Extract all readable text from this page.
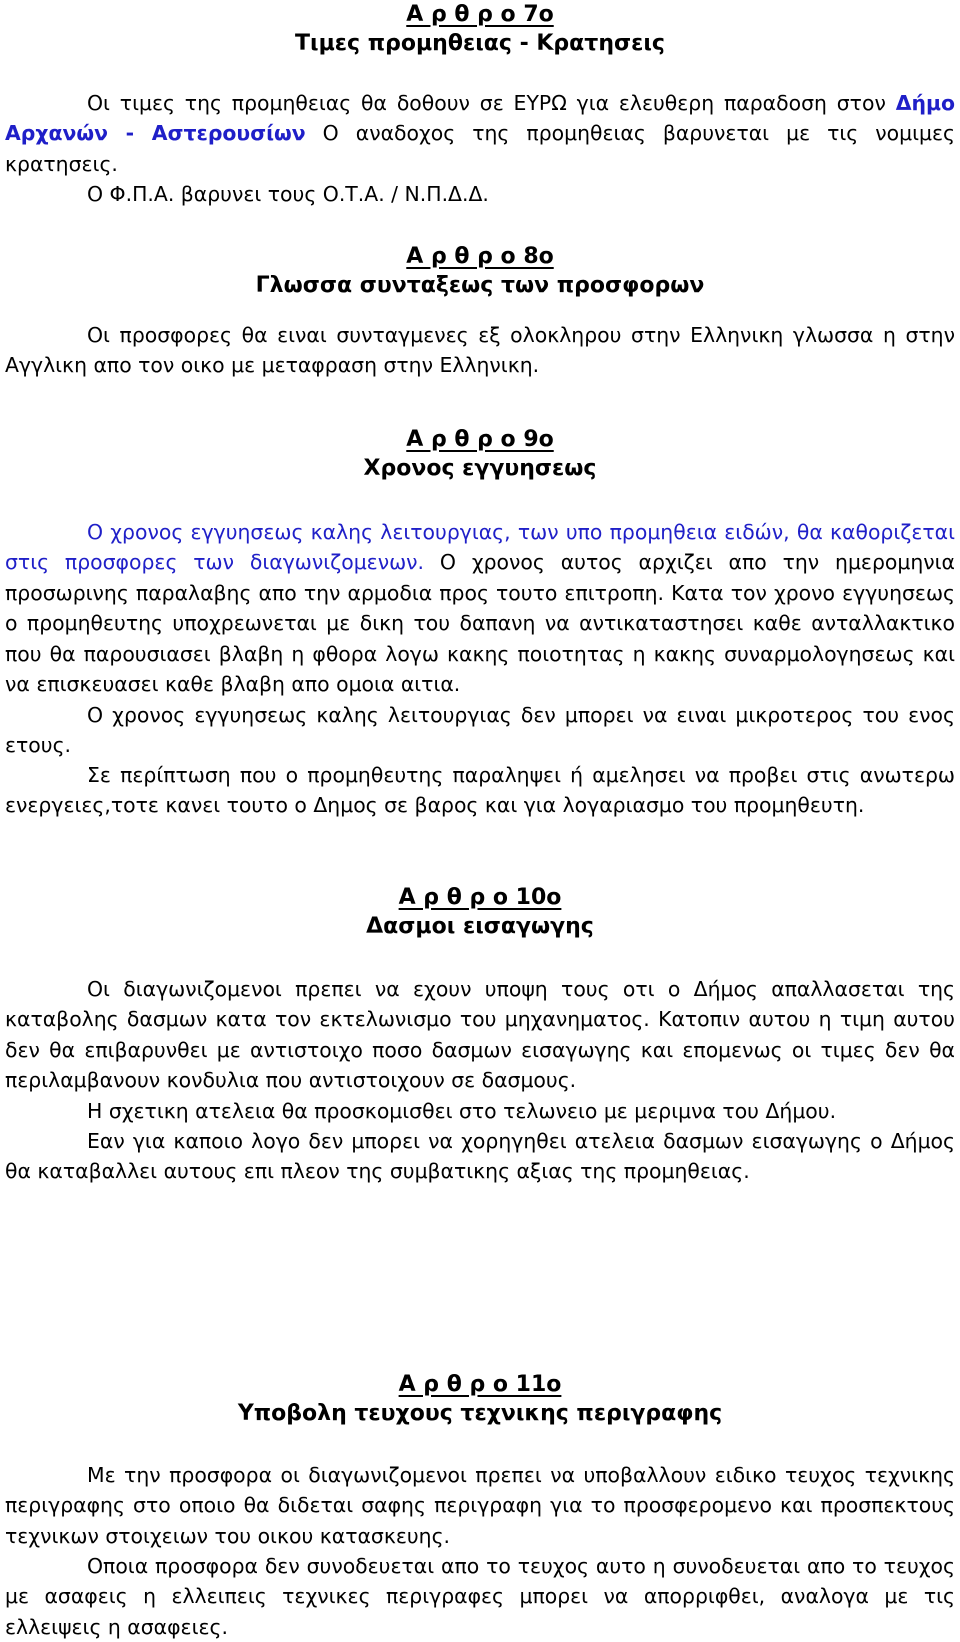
Α ρ θ ρ ο 7ο
Τιμες προμηθειας - Κρατησεις

Οι τιμες της προμηθειας θα δοθουν σε ΕΥΡΩ για ελευθερη παραδοση στον Δήμο Αρχανών - Αστερουσίων Ο αναδοχος της προμηθειας βαρυνεται με τις νομιμες κρατησεις.

Ο Φ.Π.Α. βαρυνει τους Ο.Τ.Α. / Ν.Π.Δ.Δ.

Α ρ θ ρ ο 8ο
Γλωσσα συνταξεως των προσφορων

Οι προσφορες θα ειναι συνταγμενες εξ ολοκληρου στην Ελληνικη γλωσσα η στην Αγγλικη απο τον οικο με μεταφραση στην Ελληνικη.

Α ρ θ ρ ο 9ο
Χρονος εγγυησεως

Ο χρονος εγγυησεως καλης λειτουργιας, των υπο προμηθεια ειδών, θα καθοριζεται στις προσφορες των διαγωνιζομενων. Ο χρονος αυτος αρχιζει απο την ημερομηνια προσωρινης παραλαβης απο την αρμοδια προς τουτο επιτροπη. Κατα τον χρονο εγγυησεως ο προμηθευτης υποχρεωνεται με δικη του δαπανη να αντικαταστησει καθε ανταλλακτικο που θα παρουσιασει βλαβη η φθορα λογω κακης ποιοτητας η κακης συναρμολογησεως και να επισκευασει καθε βλαβη απο ομοια αιτια.

Ο χρονος εγγυησεως καλης λειτουργιας δεν μπορει να ειναι μικροτερος του ενος ετους.

Σε περίπτωση που ο προμηθευτης παραληψει ή αμελησει να προβει στις ανωτερω ενεργειες,τοτε κανει τουτο ο Δημος σε βαρος και για λογαριασμο του προμηθευτη.

Α ρ θ ρ ο 10ο
Δασμοι εισαγωγης

Οι διαγωνιζομενοι πρεπει να εχουν υποψη τους οτι ο Δήμος απαλλασεται της καταβολης δασμων κατα τον εκτελωνισμο του μηχανηματος. Κατοπιν αυτου η τιμη αυτου δεν θα επιβαρυνθει με αντιστοιχο ποσο δασμων εισαγωγης και επομενως οι τιμες δεν θα περιλαμβανουν κονδυλια που αντιστοιχουν σε δασμους.

Η σχετικη ατελεια θα προσκομισθει στο τελωνειο με μεριμνα του Δήμου.

Εαν για καποιο λογο δεν μπορει να χορηγηθει ατελεια δασμων εισαγωγης ο Δήμος θα καταβαλλει αυτους επι πλεον της συμβατικης αξιας της προμηθειας.

Α ρ θ ρ ο 11ο
Υποβολη τευχους τεχνικης περιγραφης

Με την προσφορα οι διαγωνιζομενοι πρεπει να υποβαλλουν ειδικο τευχος τεχνικης περιγραφης στο οποιο θα διδεται σαφης περιγραφη για το προσφερομενο και προσπεκτους τεχνικων στοιχειων του οικου κατασκευης.

Οποια προσφορα δεν συνοδευεται απο το τευχος αυτο η συνοδευεται απο το τευχος με ασαφεις η ελλειπεις τεχνικες περιγραφες μπορει να απορριφθει, αναλογα με τις ελλειψεις η ασαφειες.
